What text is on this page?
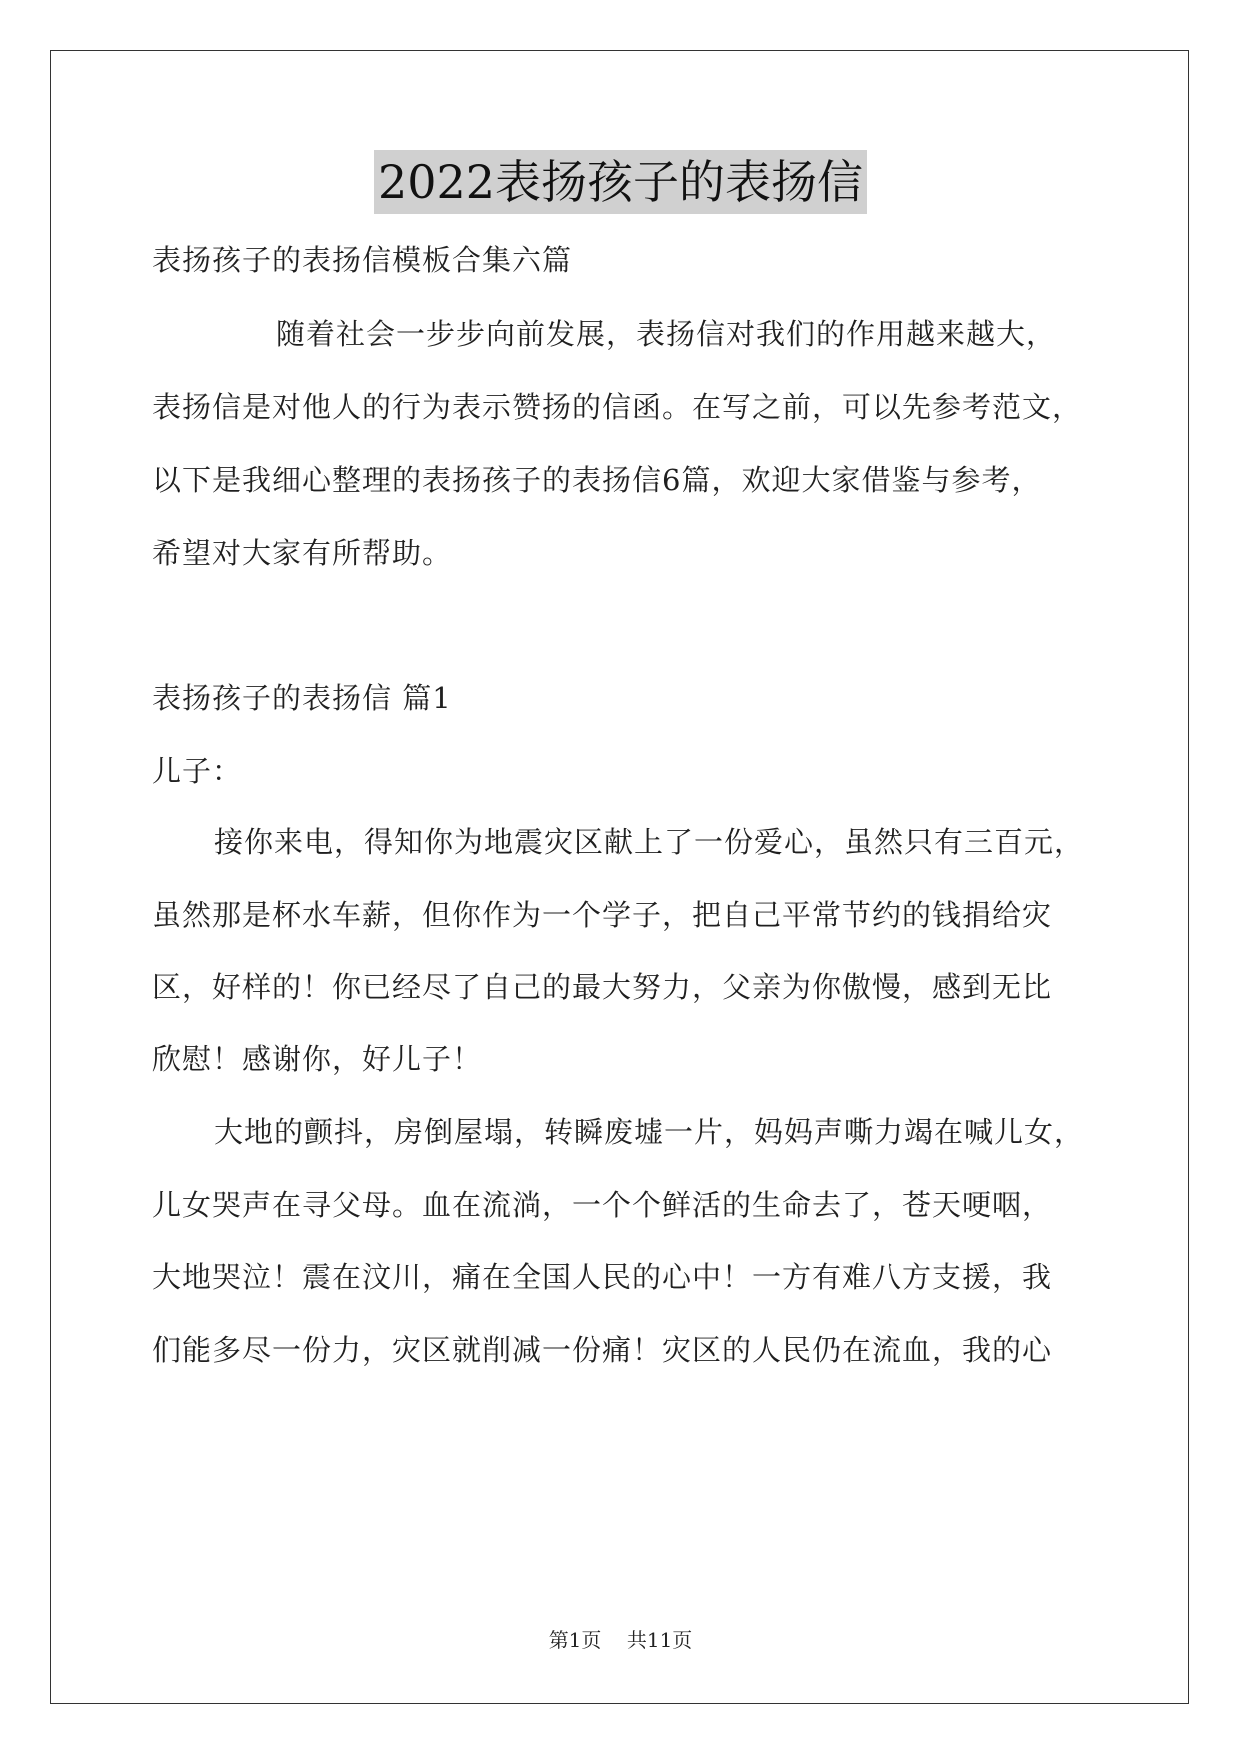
2022表扬孩子的表扬信
表扬孩子的表扬信模板合集六篇
随着社会一步步向前发展，表扬信对我们的作用越来越大，
表扬信是对他人的行为表示赞扬的信函。在写之前，可以先参考范文，
以下是我细心整理的表扬孩子的表扬信6篇，欢迎大家借鉴与参考，
希望对大家有所帮助。
表扬孩子的表扬信 篇1
儿子：
接你来电，得知你为地震灾区献上了一份爱心，虽然只有三百元，
虽然那是杯水车薪，但你作为一个学子，把自己平常节约的钱捐给灾
区，好样的！你已经尽了自己的最大努力，父亲为你傲慢，感到无比
欣慰！感谢你，好儿子！
大地的颤抖，房倒屋塌，转瞬废墟一片，妈妈声嘶力竭在喊儿女，
儿女哭声在寻父母。血在流淌，一个个鲜活的生命去了，苍天哽咽，
大地哭泣！震在汶川，痛在全国人民的心中！一方有难八方支援，我
们能多尽一份力，灾区就削减一份痛！灾区的人民仍在流血，我的心
第1页 共11页
